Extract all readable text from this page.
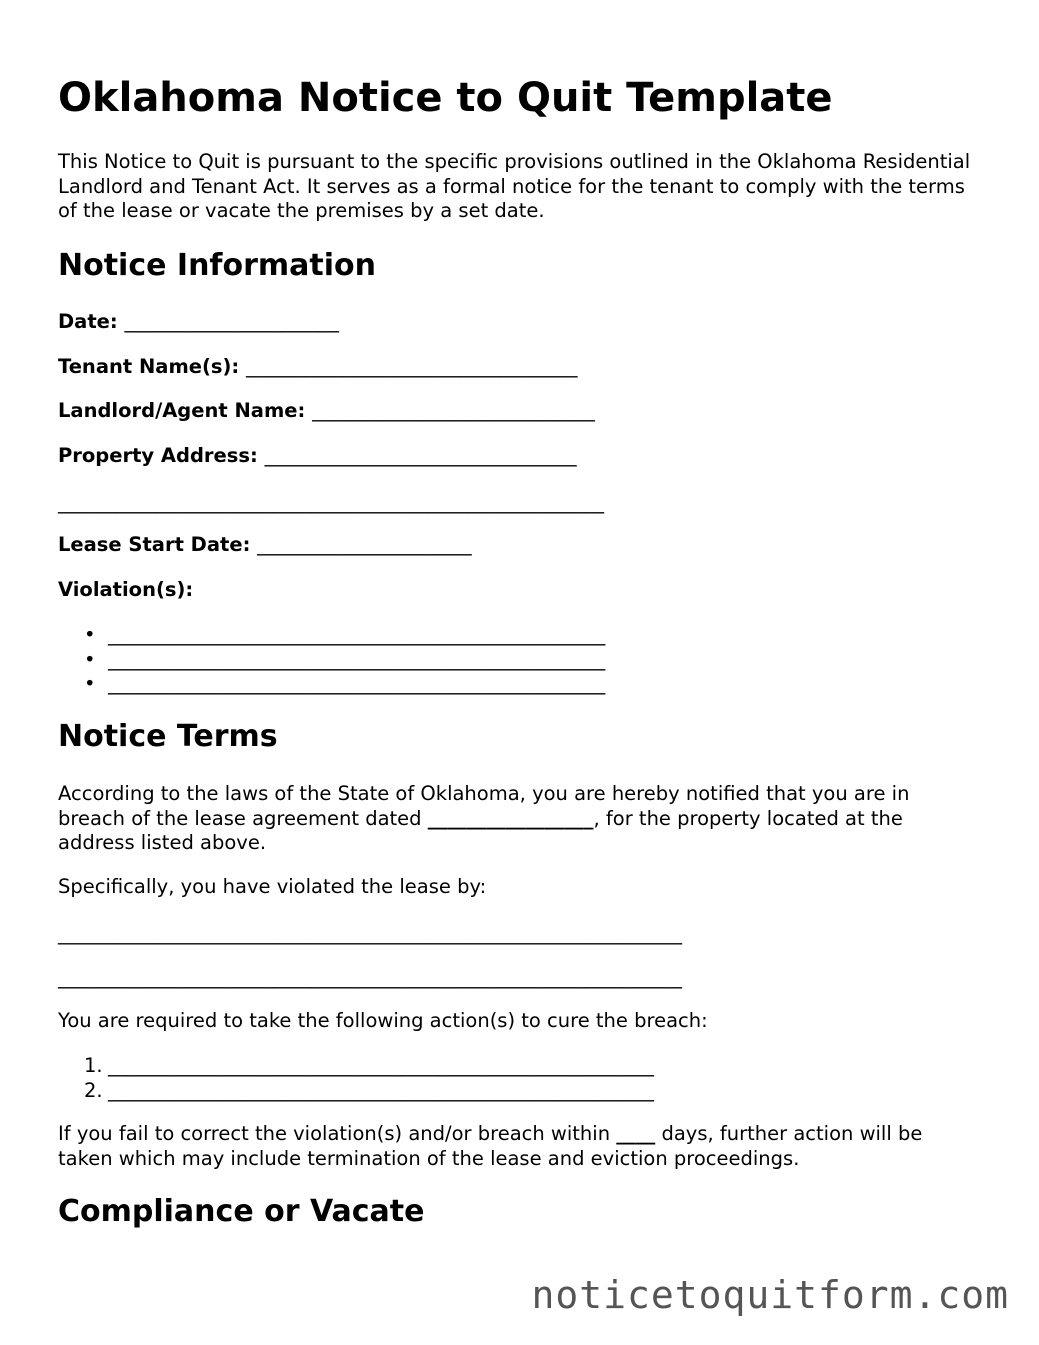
Oklahoma Notice to Quit Template

This Notice to Quit is pursuant to the specific provisions outlined in the Oklahoma Residential Landlord and Tenant Act. It serves as a formal notice for the tenant to comply with the terms of the lease or vacate the premises by a set date.

Notice Information
Date: ______________________
Tenant Name(s): __________________________________
Landlord/Agent Name: _____________________________
Property Address: ________________________________
________________________________________________________
Lease Start Date: ______________________
Violation(s):
• ___________________________________________________
• ___________________________________________________
• ___________________________________________________
Notice Terms

According to the laws of the State of Oklahoma, you are hereby notified that you are in breach of the lease agreement dated _________________, for the property located at the address listed above.

Specifically, you have violated the lease by:

________________________________________________________________
________________________________________________________________

You are required to take the following action(s) to cure the breach:

1. ________________________________________________________
2. ________________________________________________________

If you fail to correct the violation(s) and/or breach within ____ days, further action will be taken which may include termination of the lease and eviction proceedings.

Compliance or Vacate
noticetoquitform.com
